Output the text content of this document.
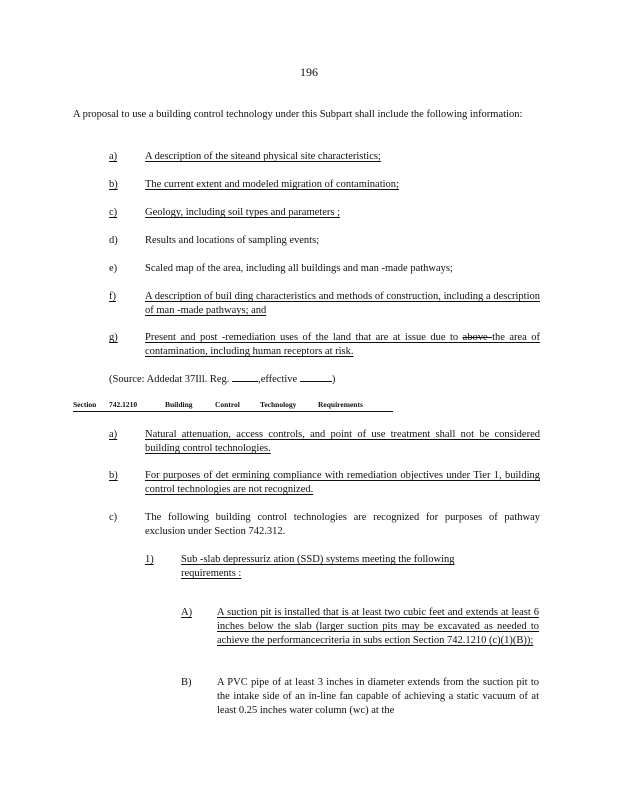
196
A proposal to use a building control technology under this Subpart shall include the following information:
a)	A description of the siteand physical site characteristics;
b)	The current extent and modeled migration of contamination;
c)	Geology, including soil types and parameters ;
d)	Results and locations of sampling events;
e)	Scaled map of the area, including all buildings and man -made pathways;
f)	A description of buil ding characteristics and methods of construction, including a description of man -made pathways; and
g)	Present and post -remediation uses of the land that are at issue due to above the area of contamination, including human receptors at risk.
(Source: Addedat 37Ill. Reg.	,effective	)
Section	742.1210	Building	Control	Technology	Requirements
a)	Natural attenuation, access controls, and point of use treatment shall not be considered building control technologies.
b)	For purposes of det ermining compliance with remediation objectives under Tier 1, building control technologies are not recognized.
c)	The following building control technologies are recognized for purposes of pathway exclusion under Section 742.312.
1)	Sub -slab depressuriz ation (SSD) systems meeting the following requirements :
A)	A suction pit is installed that is at least two cubic feet and extends at least 6 inches below the slab (larger suction pits may be excavated as needed to achieve the performancecriteria in subs ection Section 742.1210 (c)(1)(B));
B)	A PVC pipe of at least 3 inches in diameter extends from the suction pit to the intake side of an in-line fan capable of achieving a static vacuum of at least 0.25 inches water column (wc) at the
